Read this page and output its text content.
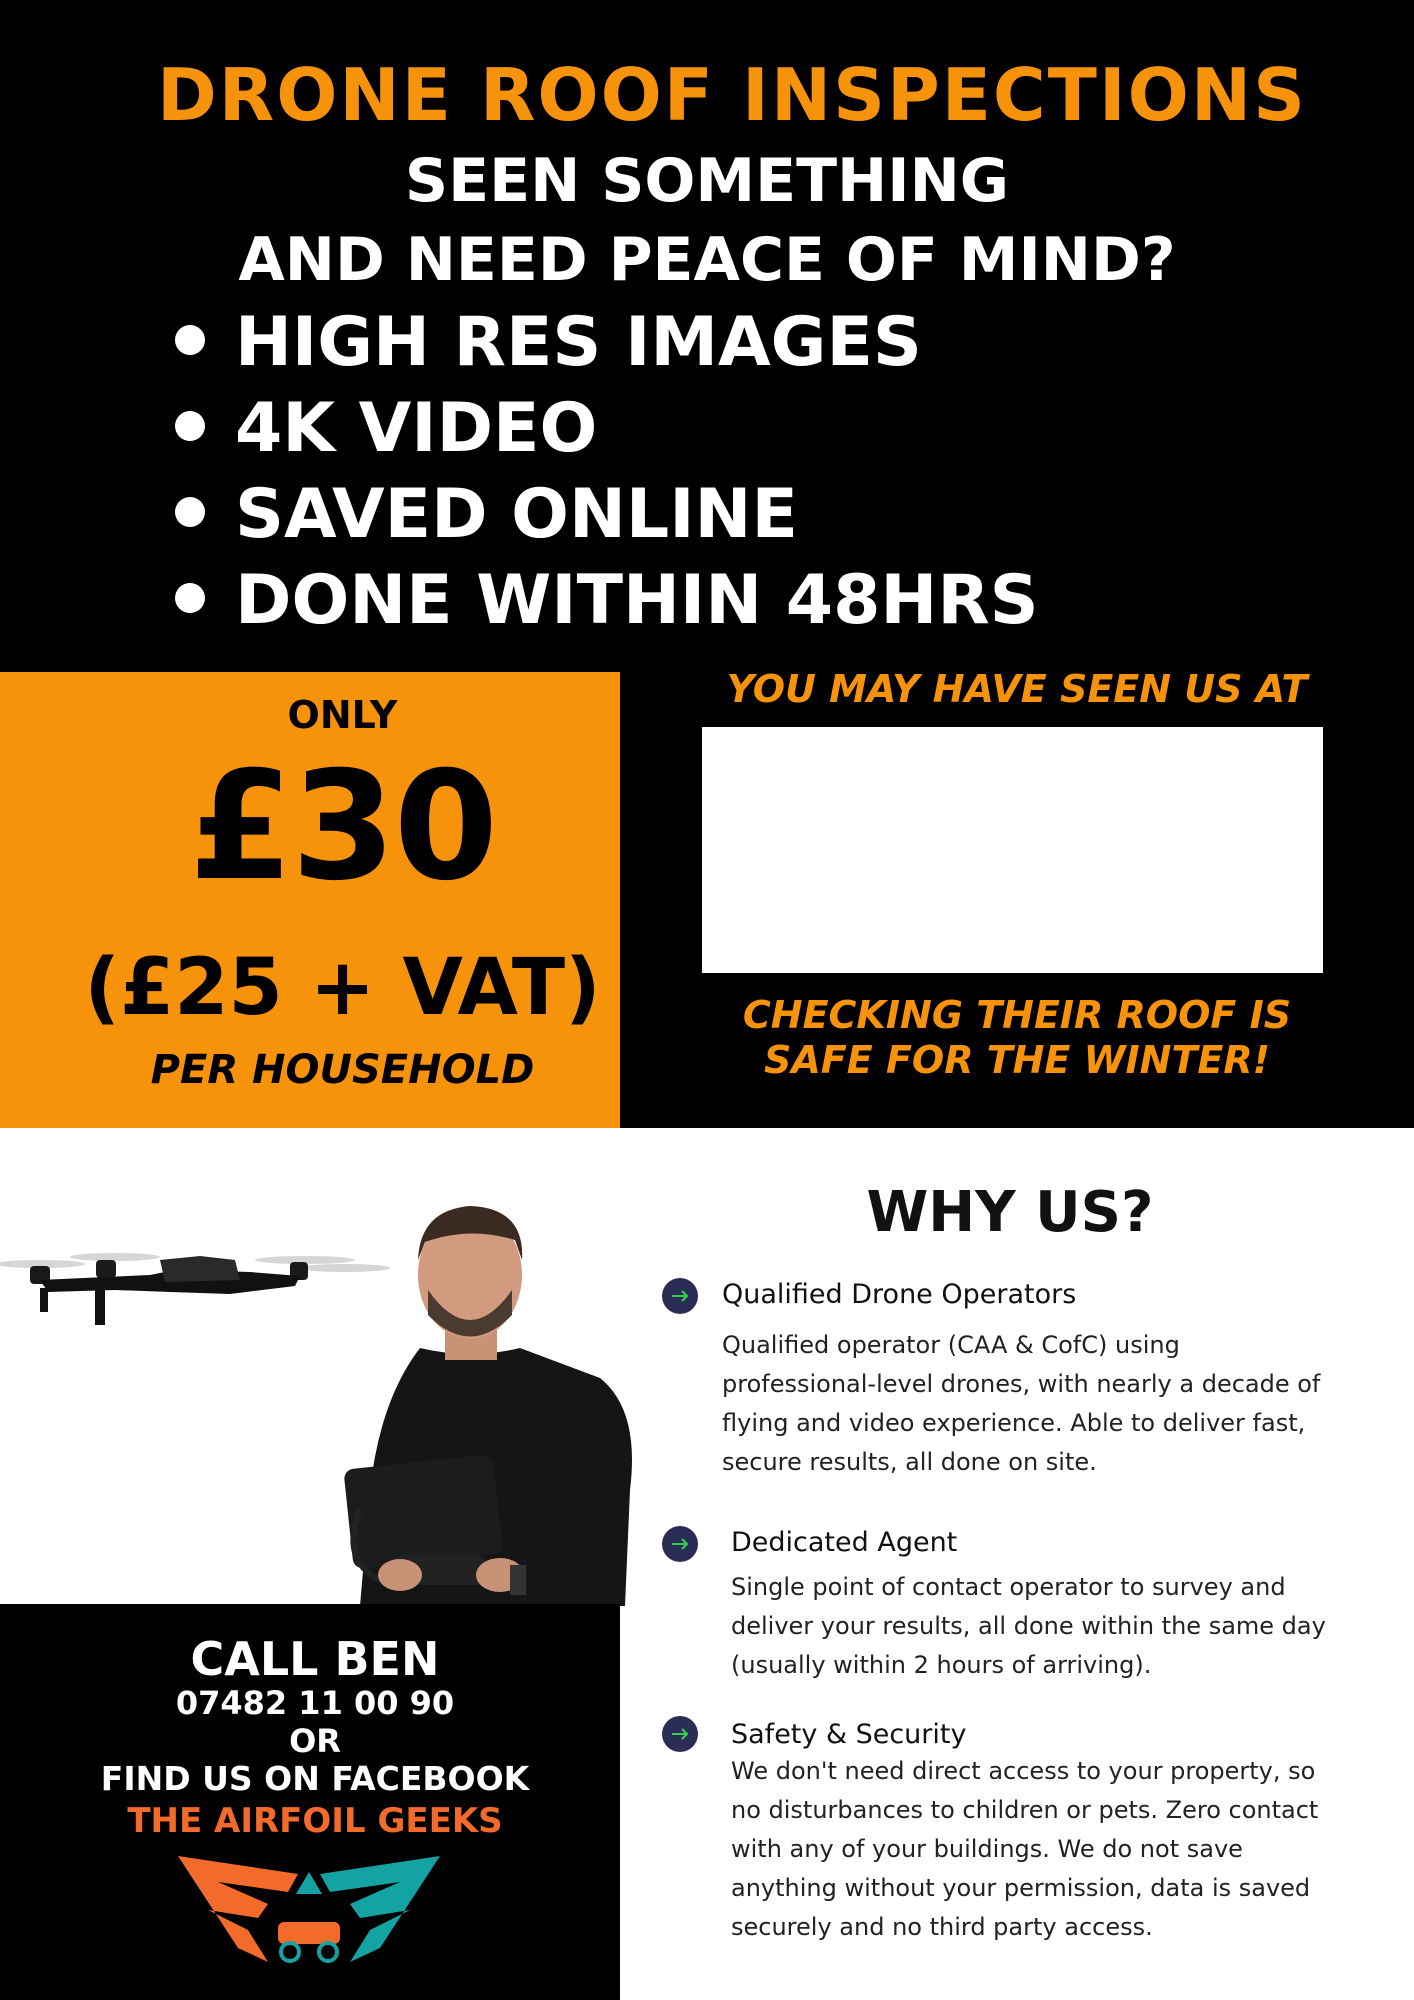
DRONE ROOF INSPECTIONS
SEEN SOMETHING
AND NEED PEACE OF MIND?
HIGH RES IMAGES
4K VIDEO
SAVED ONLINE
DONE WITHIN 48HRS
ONLY
£30
(£25 + VAT)
PER HOUSEHOLD
YOU MAY HAVE SEEN US AT
CHECKING THEIR ROOF IS
SAFE FOR THE WINTER!
CALL BEN
07482 11 00 90
OR
FIND US ON FACEBOOK
THE AIRFOIL GEEKS
WHY US?
Qualified Drone Operators
Qualified operator (CAA & CofC) using
professional-level drones, with nearly a decade of
flying and video experience. Able to deliver fast,
secure results, all done on site.
Dedicated Agent
Single point of contact operator to survey and
deliver your results, all done within the same day
(usually within 2 hours of arriving).
Safety & Security
We don't need direct access to your property, so
no disturbances to children or pets. Zero contact
with any of your buildings. We do not save
anything without your permission, data is saved
securely and no third party access.
